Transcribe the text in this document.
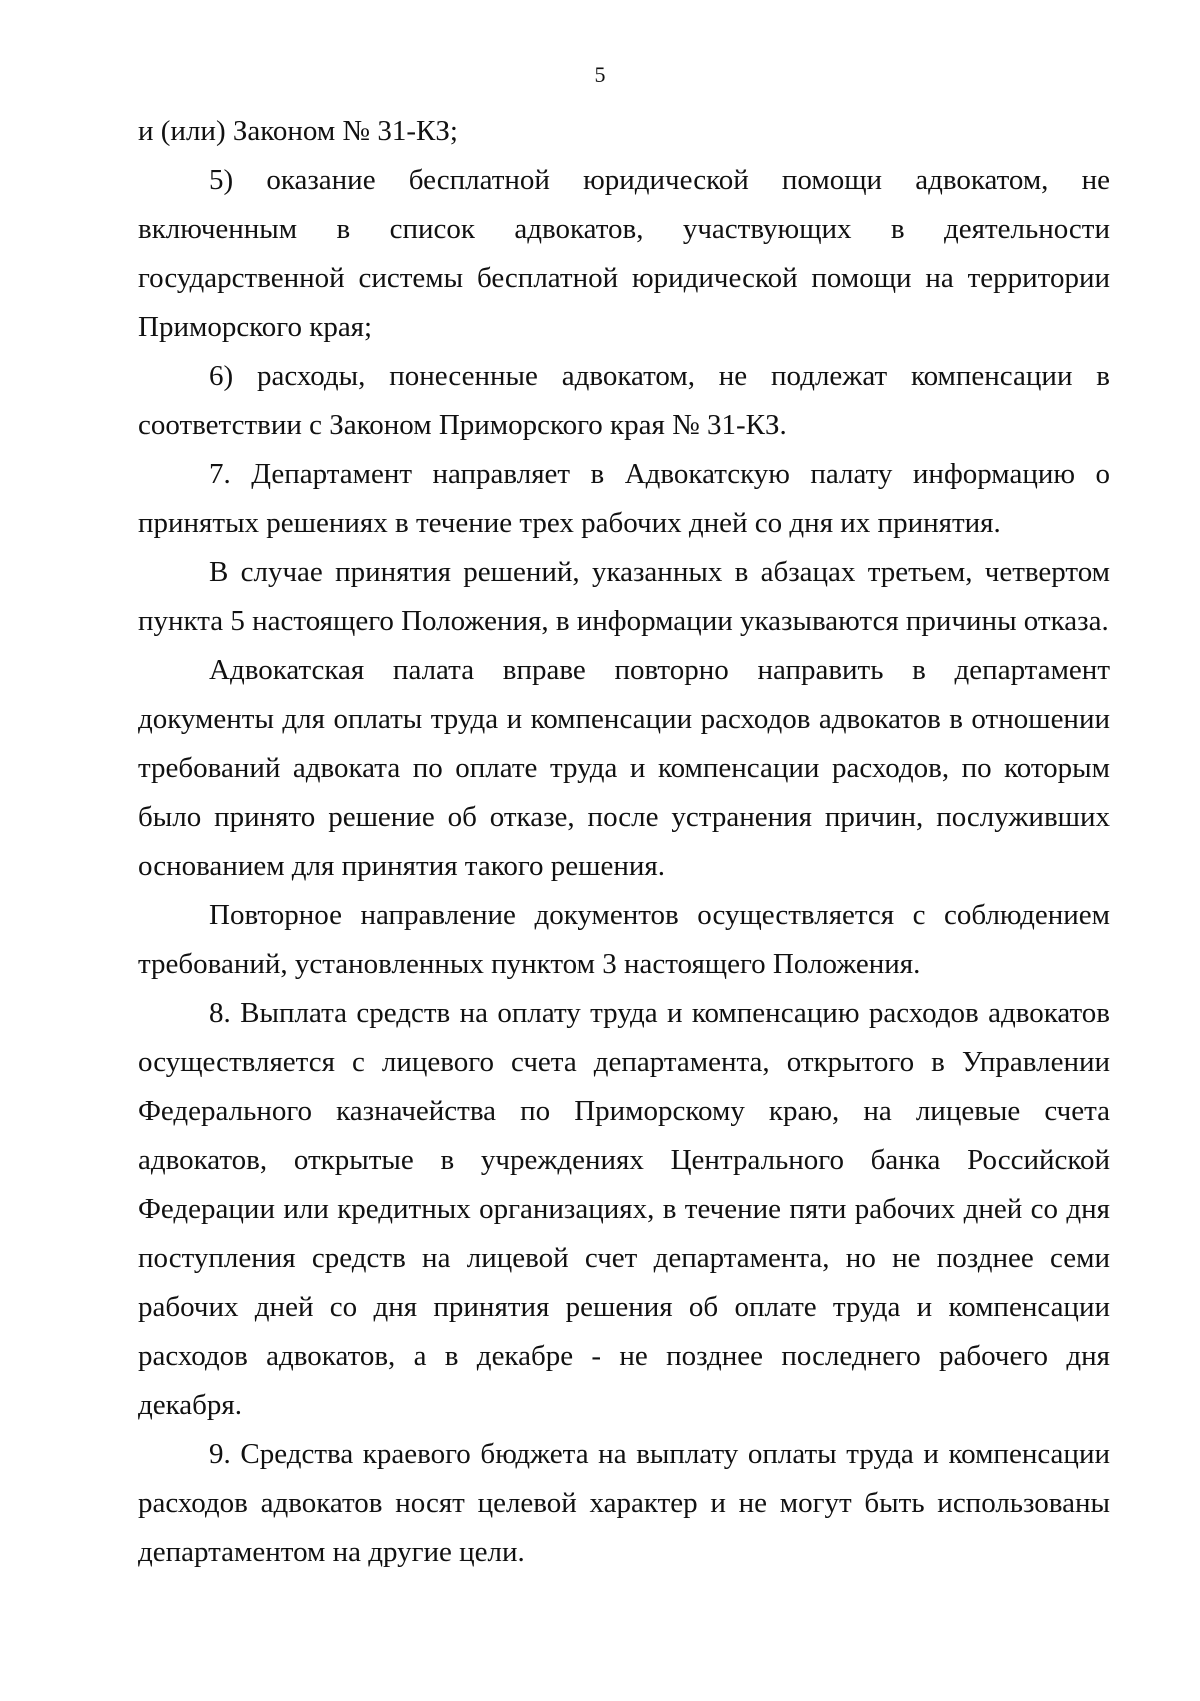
5

и (или) Законом № 31-КЗ;

5) оказание бесплатной юридической помощи адвокатом, не включенным в список адвокатов, участвующих в деятельности государственной системы бесплатной юридической помощи на территории Приморского края;

6) расходы, понесенные адвокатом, не подлежат компенсации в соответствии с Законом Приморского края № 31-КЗ.

7. Департамент направляет в Адвокатскую палату информацию о принятых решениях в течение трех рабочих дней со дня их принятия.

В случае принятия решений, указанных в абзацах третьем, четвертом пункта 5 настоящего Положения, в информации указываются причины отказа.

Адвокатская палата вправе повторно направить в департамент документы для оплаты труда и компенсации расходов адвокатов в отношении требований адвоката по оплате труда и компенсации расходов, по которым было принято решение об отказе, после устранения причин, послуживших основанием для принятия такого решения.

Повторное направление документов осуществляется с соблюдением требований, установленных пунктом 3 настоящего Положения.

8. Выплата средств на оплату труда и компенсацию расходов адвокатов осуществляется с лицевого счета департамента, открытого в Управлении Федерального казначейства по Приморскому краю, на лицевые счета адвокатов, открытые в учреждениях Центрального банка Российской Федерации или кредитных организациях, в течение пяти рабочих дней со дня поступления средств на лицевой счет департамента, но не позднее семи рабочих дней со дня принятия решения об оплате труда и компенсации расходов адвокатов, а в декабре - не позднее последнего рабочего дня декабря.

9. Средства краевого бюджета на выплату оплаты труда и компенсации расходов адвокатов носят целевой характер и не могут быть использованы департаментом на другие цели.
